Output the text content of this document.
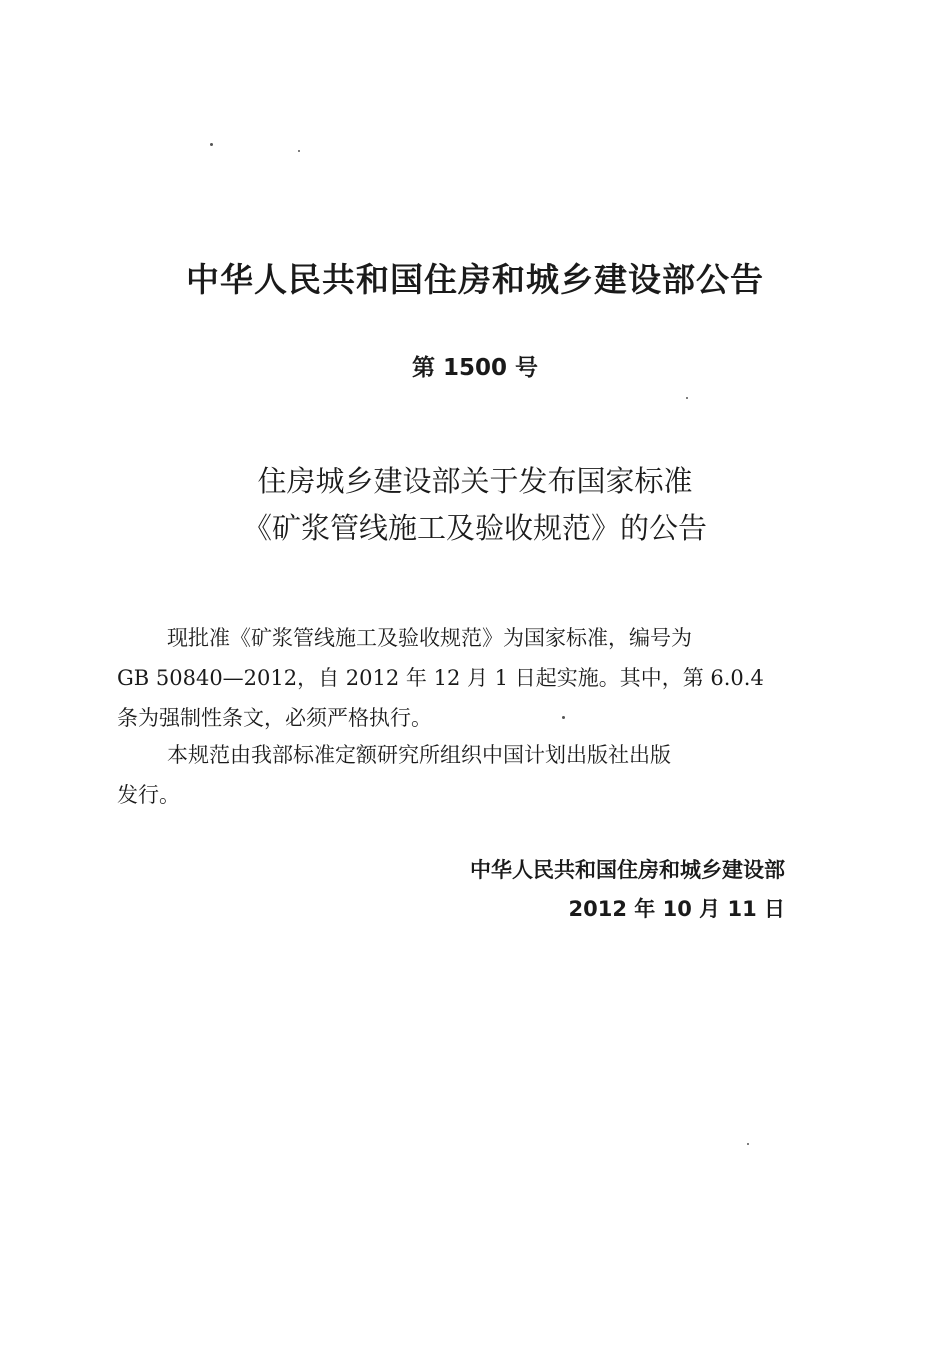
中华人民共和国住房和城乡建设部公告
第 1500 号
住房城乡建设部关于发布国家标准
《矿浆管线施工及验收规范》的公告
现批准《矿浆管线施工及验收规范》为国家标准，编号为
GB 50840—2012，自 2012 年 12 月 1 日起实施。其中，第 6.0.4
条为强制性条文，必须严格执行。
本规范由我部标准定额研究所组织中国计划出版社出版
发行。
中华人民共和国住房和城乡建设部
2012 年 10 月 11 日
